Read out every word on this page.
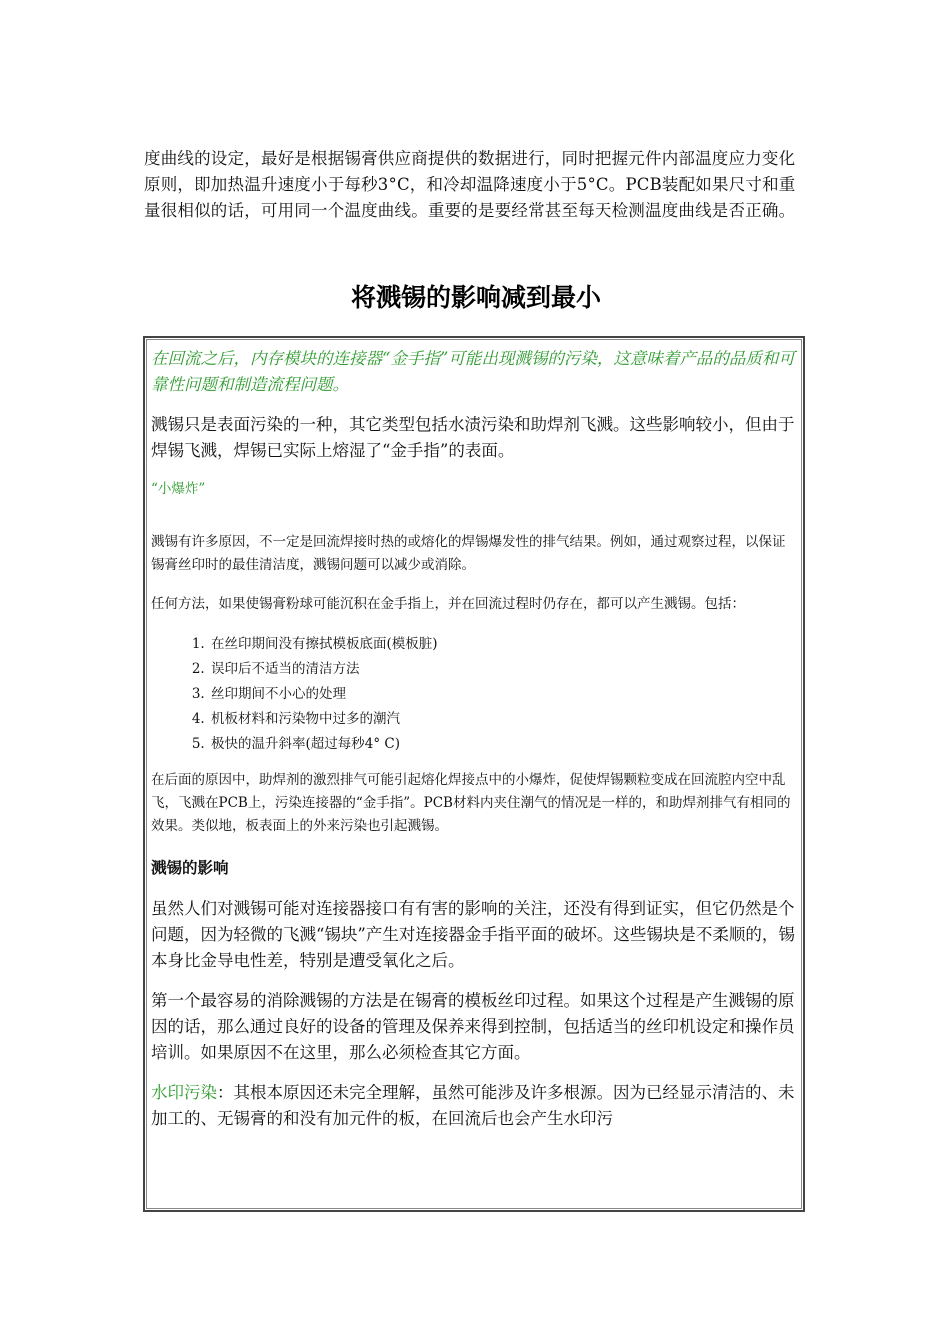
度曲线的设定，最好是根据锡膏供应商提供的数据进行，同时把握元件内部温度应力变化原则，即加热温升速度小于每秒3°C，和冷却温降速度小于5°C。PCB装配如果尺寸和重量很相似的话，可用同一个温度曲线。重要的是要经常甚至每天检测温度曲线是否正确。

将溅锡的影响减到最小

在回流之后，内存模块的连接器“金手指”可能出现溅锡的污染，这意味着产品的品质和可靠性问题和制造流程问题。

溅锡只是表面污染的一种，其它类型包括水渍污染和助焊剂飞溅。这些影响较小，但由于焊锡飞溅，焊锡已实际上熔湿了“金手指”的表面。

“小爆炸”

溅锡有许多原因，不一定是回流焊接时热的或熔化的焊锡爆发性的排气结果。例如，通过观察过程，以保证锡膏丝印时的最佳清洁度，溅锡问题可以减少或消除。

任何方法，如果使锡膏粉球可能沉积在金手指上，并在回流过程时仍存在，都可以产生溅锡。包括：

1. 在丝印期间没有擦拭模板底面(模板脏)
2. 误印后不适当的清洁方法
3. 丝印期间不小心的处理
4. 机板材料和污染物中过多的潮汽
5. 极快的温升斜率(超过每秒4° C)

在后面的原因中，助焊剂的激烈排气可能引起熔化焊接点中的小爆炸，促使焊锡颗粒变成在回流腔内空中乱飞，飞溅在PCB上，污染连接器的“金手指”。PCB材料内夹住潮气的情况是一样的，和助焊剂排气有相同的效果。类似地，板表面上的外来污染也引起溅锡。

溅锡的影响

虽然人们对溅锡可能对连接器接口有有害的影响的关注，还没有得到证实，但它仍然是个问题，因为轻微的飞溅“锡块”产生对连接器金手指平面的破坏。这些锡块是不柔顺的，锡本身比金导电性差，特别是遭受氧化之后。

第一个最容易的消除溅锡的方法是在锡膏的模板丝印过程。如果这个过程是产生溅锡的原因的话，那么通过良好的设备的管理及保养来得到控制，包括适当的丝印机设定和操作员培训。如果原因不在这里，那么必须检查其它方面。

水印污染：其根本原因还未完全理解，虽然可能涉及许多根源。因为已经显示清洁的、未加工的、无锡膏的和没有加元件的板，在回流后也会产生水印污
